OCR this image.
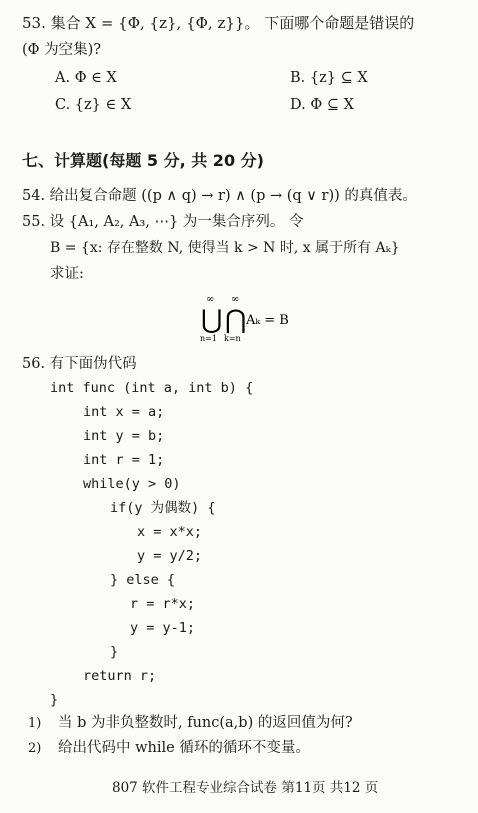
53. 集合 X = {Φ, {z}, {Φ, z}}。 下面哪个命题是错误的
(Φ 为空集)?
A. Φ ∈ X	B. {z} ⊆ X
C. {z} ∈ X	D. Φ ⊆ X
七、计算题(每题 5 分, 共 20 分)
54. 给出复合命题 ((p ∧ q) → r) ∧ (p → (q ∨ r)) 的真值表。
55. 设 {A₁, A₂, A₃, ⋯} 为一集合序列。 令
B = {x: 存在整数 N, 使得当 k > N 时, x 属于所有 Aₖ}
求证:
∞
⋃
n=1
∞
⋂
k=n
Aₖ = B
56. 有下面伪代码
int func (int a, int b) {
int x = a;
int y = b;
int r = 1;
while(y > 0)
if(y 为偶数) {
x = x*x;
y = y/2;
} else {
r = r*x;
y = y-1;
}
return r;
}
1) 当 b 为非负整数时, func(a,b) 的返回值为何?
2) 给出代码中 while 循环的循环不变量。
807 软件工程专业综合试卷 第11页 共12 页
